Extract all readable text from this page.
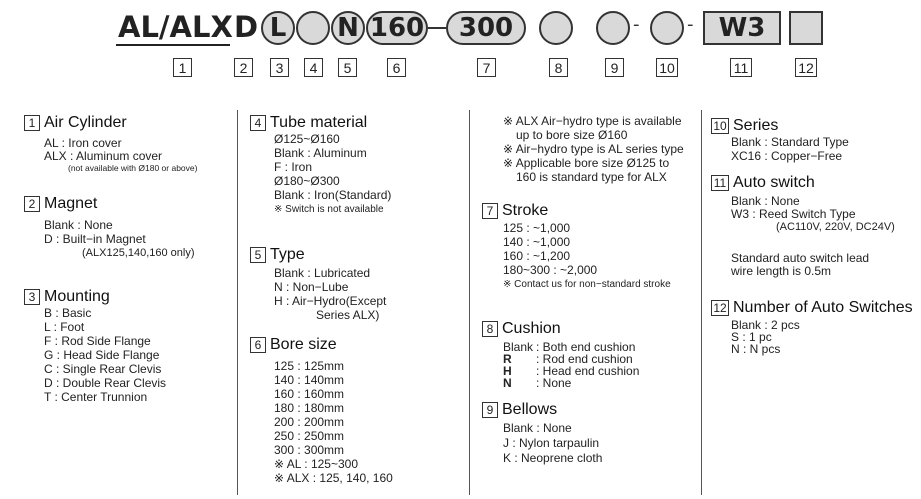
AL/ALX D L N 160 300	-	- W3
1	2	3	4	5	6	7	8	9	10	11	12
1 Air Cylinder
AL : Iron cover
ALX : Aluminum cover
(not available with Ø180 or above)
2 Magnet
Blank : None
D : Built−in Magnet
(ALX125,140,160 only)
3 Mounting
B : Basic
L : Foot
F : Rod Side Flange
G : Head Side Flange
C : Single Rear Clevis
D : Double Rear Clevis
T : Center Trunnion
4 Tube material
Ø125~Ø160
Blank : Aluminum
F : Iron
Ø180~Ø300
Blank : Iron(Standard)
※ Switch is not available
5 Type
Blank : Lubricated
N : Non−Lube
H : Air−Hydro(Except
Series ALX)
6 Bore size
125 : 125mm
140 : 140mm
160 : 160mm
180 : 180mm
200 : 200mm
250 : 250mm
300 : 300mm
※ AL : 125~300
※ ALX : 125, 140, 160
※ ALX Air−hydro type is available
up to bore size Ø160
※ Air−hydro type is AL series type
※ Applicable bore size Ø125 to
160 is standard type for ALX
7 Stroke
125 : ~1,000
140 : ~1,000
160 : ~1,200
180~300 : ~2,000
※ Contact us for non−standard stroke
8 Cushion
Blank : Both end cushion
R : Rod end cushion
H : Head end cushion
N : None
9 Bellows
Blank : None
J : Nylon tarpaulin
K : Neoprene cloth
10 Series
Blank : Standard Type
XC16 : Copper−Free
11 Auto switch
Blank : None
W3 : Reed Switch Type
(AC110V, 220V, DC24V)
Standard auto switch lead
wire length is 0.5m
12 Number of Auto Switches
Blank : 2 pcs
S : 1 pc
N : N pcs
